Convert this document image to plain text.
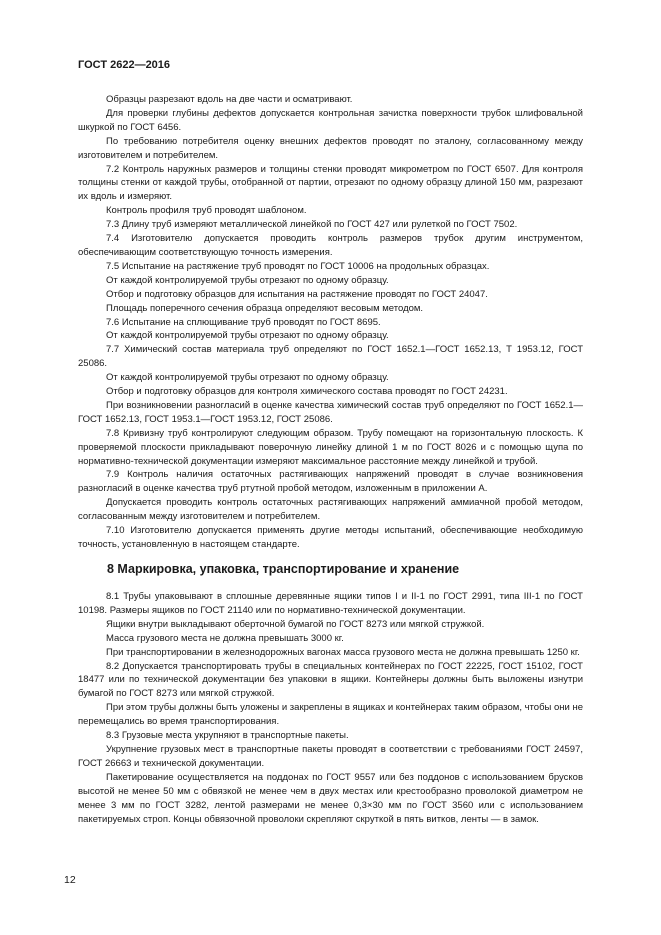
ГОСТ 2622—2016

Образцы разрезают вдоль на две части и осматривают.

Для проверки глубины дефектов допускается контрольная зачистка поверхности трубок шлифовальной шкуркой по ГОСТ 6456.

По требованию потребителя оценку внешних дефектов проводят по эталону, согласованному между изготовителем и потребителем.

7.2 Контроль наружных размеров и толщины стенки проводят микрометром по ГОСТ 6507. Для контроля толщины стенки от каждой трубы, отобранной от партии, отрезают по одному образцу длиной 150 мм, разрезают их вдоль и измеряют.

Контроль профиля труб проводят шаблоном.

7.3 Длину труб измеряют металлической линейкой по ГОСТ 427 или рулеткой по ГОСТ 7502.

7.4 Изготовителю допускается проводить контроль размеров трубок другим инструментом, обеспечивающим соответствующую точность измерения.

7.5 Испытание на растяжение труб проводят по ГОСТ 10006 на продольных образцах.

От каждой контролируемой трубы отрезают по одному образцу.

Отбор и подготовку образцов для испытания на растяжение проводят по ГОСТ 24047.

Площадь поперечного сечения образца определяют весовым методом.

7.6 Испытание на сплющивание труб проводят по ГОСТ 8695.

От каждой контролируемой трубы отрезают по одному образцу.

7.7 Химический состав материала труб определяют по ГОСТ 1652.1—ГОСТ 1652.13, Т 1953.12, ГОСТ 25086.

От каждой контролируемой трубы отрезают по одному образцу.

Отбор и подготовку образцов для контроля химического состава проводят по ГОСТ 24231.

При возникновении разногласий в оценке качества химический состав труб определяют по ГОСТ 1652.1—ГОСТ 1652.13, ГОСТ 1953.1—ГОСТ 1953.12, ГОСТ 25086.

7.8 Кривизну труб контролируют следующим образом. Трубу помещают на горизонтальную плоскость. К проверяемой плоскости прикладывают поверочную линейку длиной 1 м по ГОСТ 8026 и с помощью щупа по нормативно-технической документации измеряют максимальное расстояние между линейкой и трубой.

7.9 Контроль наличия остаточных растягивающих напряжений проводят в случае возникновения разногласий в оценке качества труб ртутной пробой методом, изложенным в приложении А.

Допускается проводить контроль остаточных растягивающих напряжений аммиачной пробой методом, согласованным между изготовителем и потребителем.

7.10 Изготовителю допускается применять другие методы испытаний, обеспечивающие необходимую точность, установленную в настоящем стандарте.

8 Маркировка, упаковка, транспортирование и хранение

8.1 Трубы упаковывают в сплошные деревянные ящики типов I и II-1 по ГОСТ 2991, типа III-1 по ГОСТ 10198. Размеры ящиков по ГОСТ 21140 или по нормативно-технической документации.

Ящики внутри выкладывают оберточной бумагой по ГОСТ 8273 или мягкой стружкой.

Масса грузового места не должна превышать 3000 кг.

При транспортировании в железнодорожных вагонах масса грузового места не должна превышать 1250 кг.

8.2 Допускается транспортировать трубы в специальных контейнерах по ГОСТ 22225, ГОСТ 15102, ГОСТ 18477 или по технической документации без упаковки в ящики. Контейнеры должны быть выложены изнутри бумагой по ГОСТ 8273 или мягкой стружкой.

При этом трубы должны быть уложены и закреплены в ящиках и контейнерах таким образом, чтобы они не перемещались во время транспортирования.

8.3 Грузовые места укрупняют в транспортные пакеты.

Укрупнение грузовых мест в транспортные пакеты проводят в соответствии с требованиями ГОСТ 24597, ГОСТ 26663 и технической документации.

Пакетирование осуществляется на поддонах по ГОСТ 9557 или без поддонов с использованием брусков высотой не менее 50 мм с обвязкой не менее чем в двух местах или крестообразно проволокой диаметром не менее 3 мм по ГОСТ 3282, лентой размерами не менее 0,3×30 мм по ГОСТ 3560 или с использованием пакетируемых строп. Концы обвязочной проволоки скрепляют скруткой в пять витков, ленты — в замок.

12
